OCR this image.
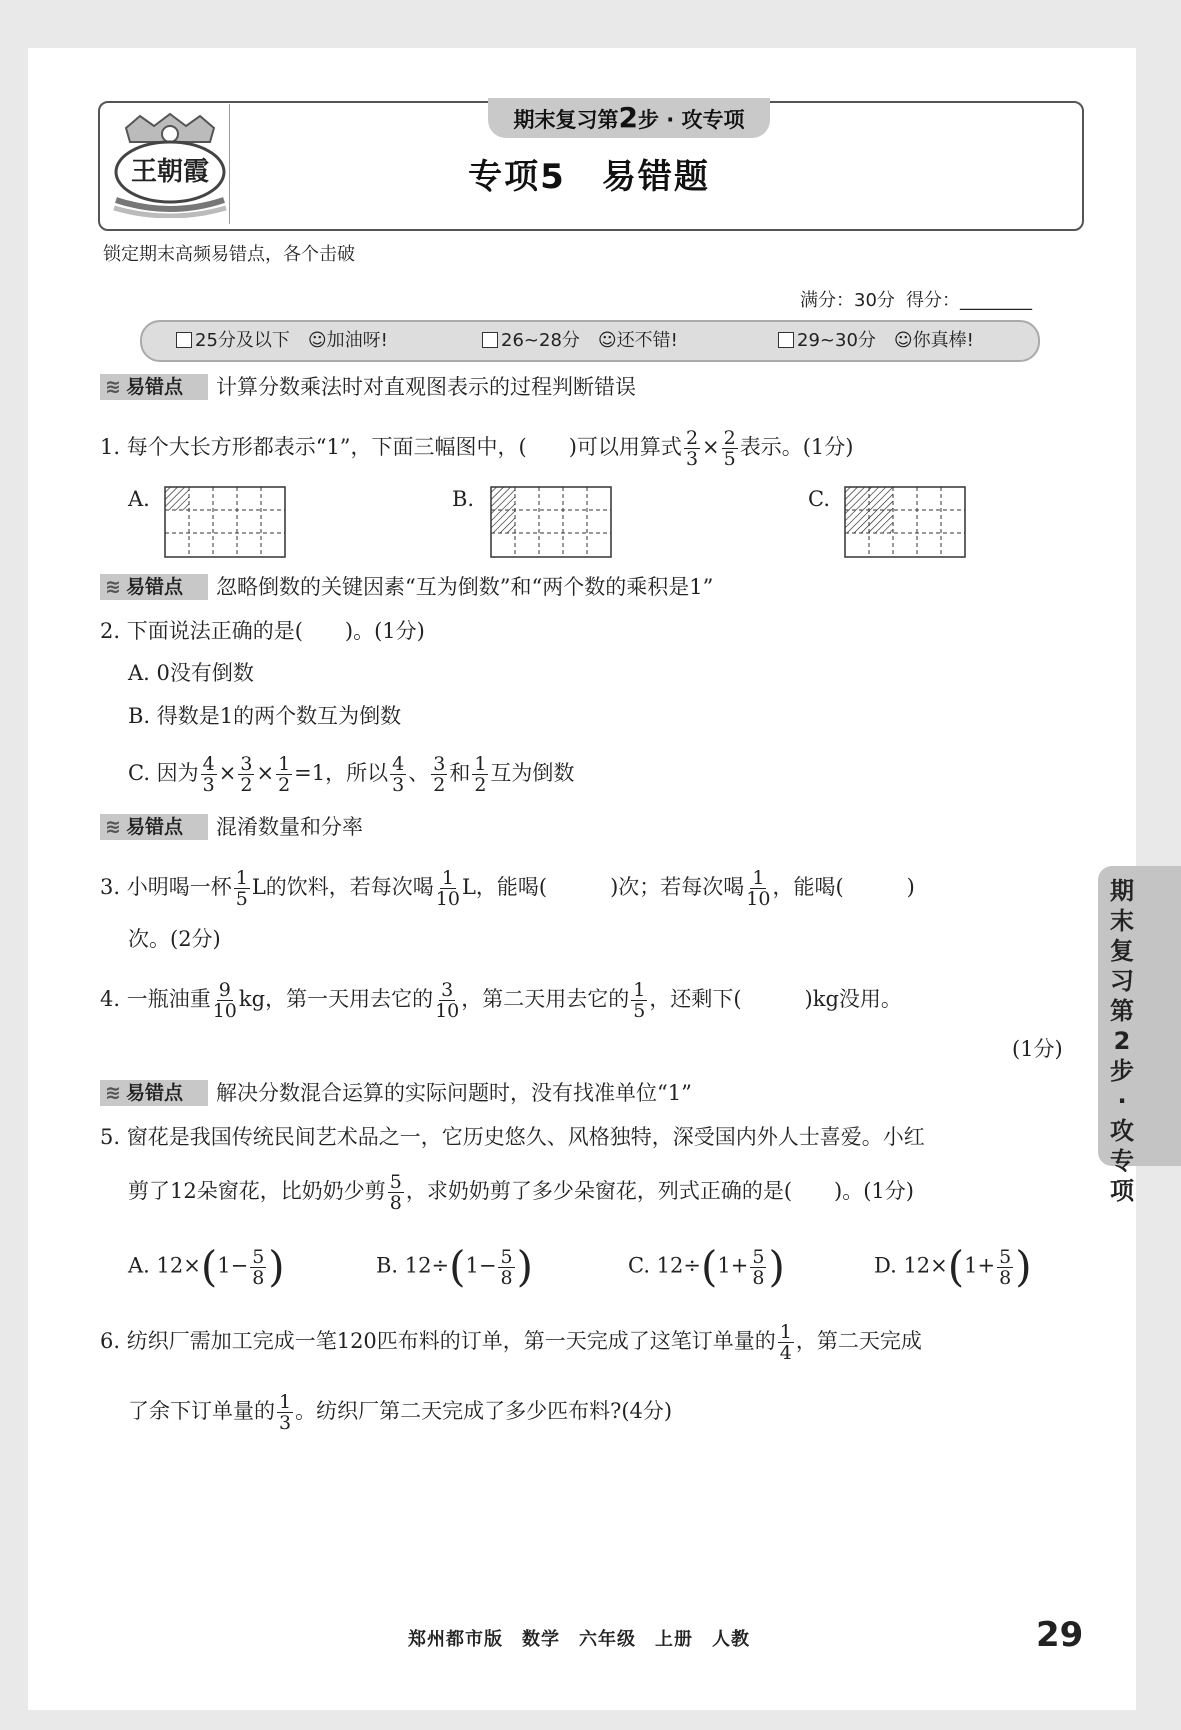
王朝霞
期末复习第2步 · 攻专项
专项5　易错题
锁定期末高频易错点，各个击破
满分：30分 得分：________
25分及以下　 ☺加油呀!	26~28分　 ☺还不错!	29~30分　 ☺你真棒!
≋ 易错点	计算分数乘法时对直观图表示的过程判断错误
1. 每个大长方形都表示“1”，下面三幅图中，(　　)可以用算式 $\frac{2}{3} \times \frac{2}{5}$ 表示。(1分)
A.	B.	C.
≋ 易错点	忽略倒数的关键因素“互为倒数”和“两个数的乘积是1”
2. 下面说法正确的是(　　)。(1分)
A. 0没有倒数
B. 得数是1的两个数互为倒数
C. 因为 $\frac{4}{3} \times \frac{3}{2} \times \frac{1}{2} =1$，所以 $\frac{4}{3}$ 、 $\frac{3}{2}$ 和 $\frac{1}{2}$ 互为倒数
≋ 易错点	混淆数量和分率
3. 小明喝一杯 $\frac{1}{5}$ L的饮料，若每次喝 $\frac{1}{10}$ L，能喝(　　　)次；若每次喝 $\frac{1}{10}$ ，能喝(　　　)
次。(2分)
4. 一瓶油重 $\frac{9}{10}$ kg，第一天用去它的 $\frac{3}{10}$ ，第二天用去它的 $\frac{1}{5}$ ，还剩下(　　　)kg没用。
(1分)
≋ 易错点	解决分数混合运算的实际问题时，没有找准单位“1”
5. 窗花是我国传统民间艺术品之一，它历史悠久、风格独特，深受国内外人士喜爱。小红
剪了12朵窗花，比奶奶少剪 $\frac{5}{8}$ ，求奶奶剪了多少朵窗花，列式正确的是(　　)。(1分)
A. $12\times(1- \frac{5}{8}$ )	B. $12\div(1- \frac{5}{8}$ )	C. $12\div(1+ \frac{5}{8}$ )	D. $12\times(1+ \frac{5}{8}$ )
6. 纺织厂需加工完成一笔120匹布料的订单，第一天完成了这笔订单量的 $\frac{1}{4}$ ，第二天完成
了余下订单量的 $\frac{1}{3}$ 。纺织厂第二天完成了多少匹布料?(4分)
期末复习第2步·攻专项
郑州都市版　数学　六年级　上册　人教	29
